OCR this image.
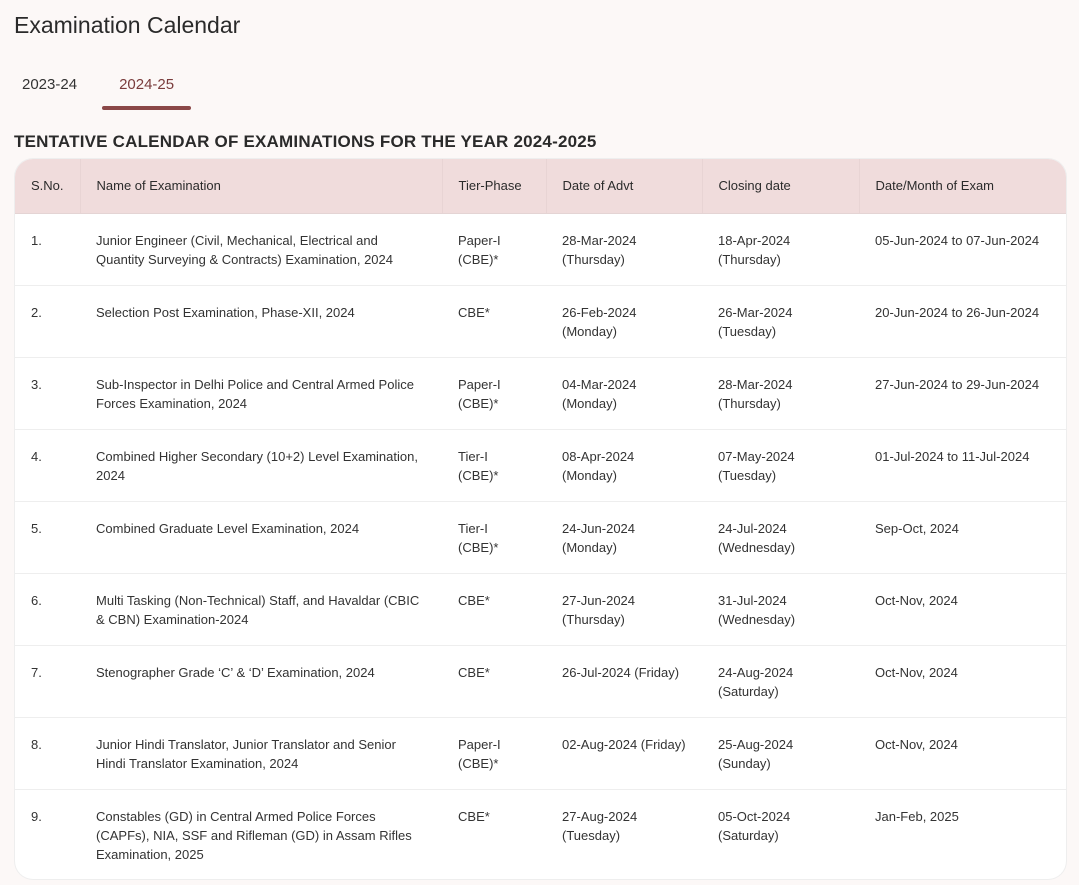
Examination Calendar
2023-24	2024-25
TENTATIVE CALENDAR OF EXAMINATIONS FOR THE YEAR 2024-2025
S.No.	Name of Examination	Tier-Phase	Date of Advt	Closing date	Date/Month of Exam
1.	Junior Engineer (Civil, Mechanical, Electrical and Quantity Surveying & Contracts) Examination, 2024	Paper-I (CBE)*	28-Mar-2024 (Thursday)	18-Apr-2024 (Thursday)	05-Jun-2024 to 07-Jun-2024
2.	Selection Post Examination, Phase-XII, 2024	CBE*	26-Feb-2024 (Monday)	26-Mar-2024 (Tuesday)	20-Jun-2024 to 26-Jun-2024
3.	Sub-Inspector in Delhi Police and Central Armed Police Forces Examination, 2024	Paper-I (CBE)*	04-Mar-2024 (Monday)	28-Mar-2024 (Thursday)	27-Jun-2024 to 29-Jun-2024
4.	Combined Higher Secondary (10+2) Level Examination, 2024	Tier-I (CBE)*	08-Apr-2024 (Monday)	07-May-2024 (Tuesday)	01-Jul-2024 to 11-Jul-2024
5.	Combined Graduate Level Examination, 2024	Tier-I (CBE)*	24-Jun-2024 (Monday)	24-Jul-2024 (Wednesday)	Sep-Oct, 2024
6.	Multi Tasking (Non-Technical) Staff, and Havaldar (CBIC & CBN) Examination-2024	CBE*	27-Jun-2024 (Thursday)	31-Jul-2024 (Wednesday)	Oct-Nov, 2024
7.	Stenographer Grade ‘C’ & ‘D’ Examination, 2024	CBE*	26-Jul-2024 (Friday)	24-Aug-2024 (Saturday)	Oct-Nov, 2024
8.	Junior Hindi Translator, Junior Translator and Senior Hindi Translator Examination, 2024	Paper-I (CBE)*	02-Aug-2024 (Friday)	25-Aug-2024 (Sunday)	Oct-Nov, 2024
9.	Constables (GD) in Central Armed Police Forces (CAPFs), NIA, SSF and Rifleman (GD) in Assam Rifles Examination, 2025	CBE*	27-Aug-2024 (Tuesday)	05-Oct-2024 (Saturday)	Jan-Feb, 2025
